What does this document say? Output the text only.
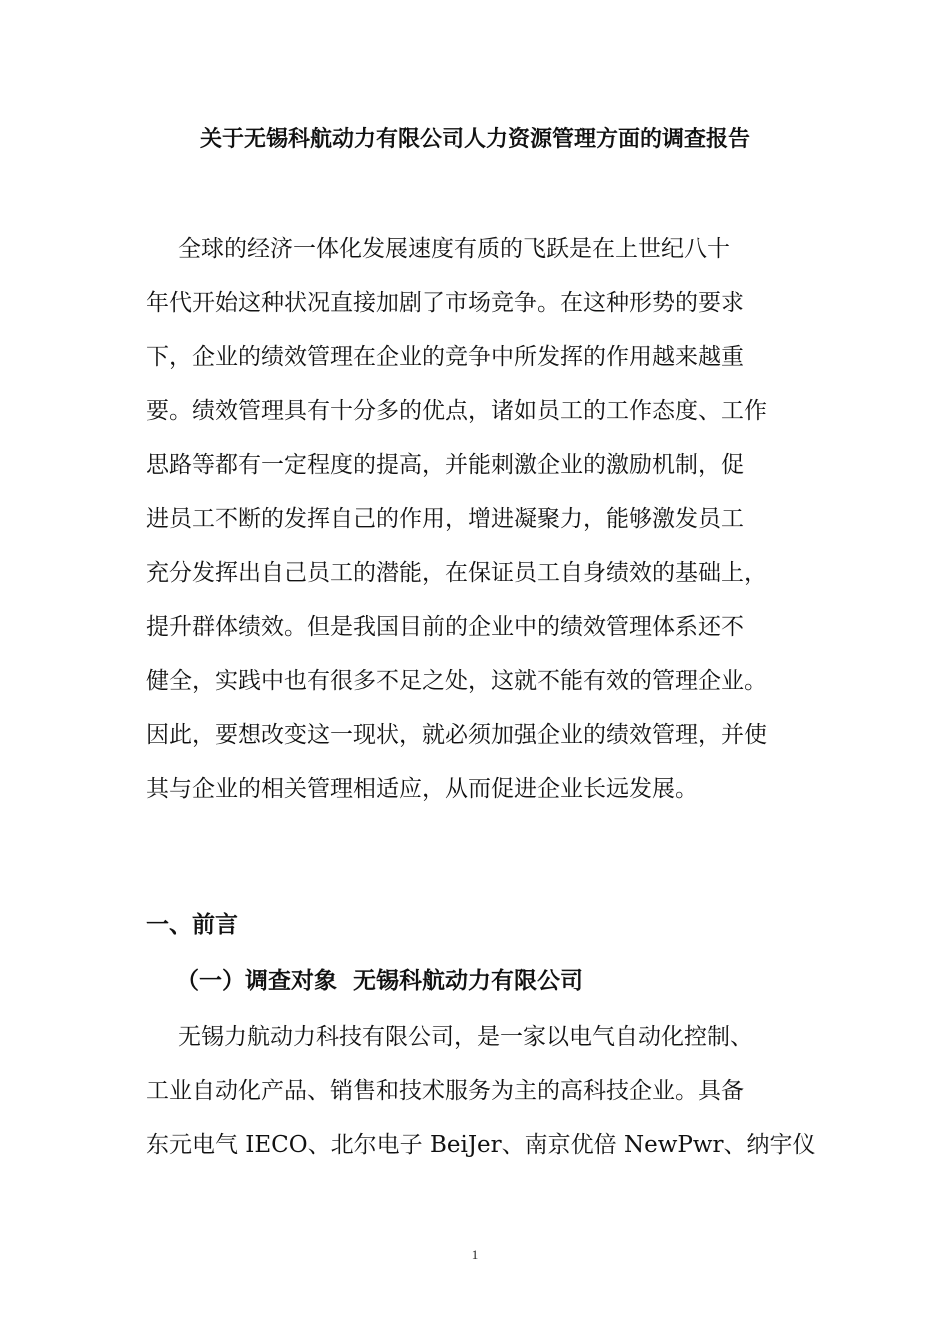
关于无锡科航动力有限公司人力资源管理方面的调查报告
全球的经济一体化发展速度有质的飞跃是在上世纪八十
年代开始这种状况直接加剧了市场竞争。在这种形势的要求
下，企业的绩效管理在企业的竞争中所发挥的作用越来越重
要。绩效管理具有十分多的优点，诸如员工的工作态度、工作
思路等都有一定程度的提高，并能刺激企业的激励机制，促
进员工不断的发挥自己的作用，增进凝聚力，能够激发员工
充分发挥出自己员工的潜能，在保证员工自身绩效的基础上，
提升群体绩效。但是我国目前的企业中的绩效管理体系还不
健全，实践中也有很多不足之处，这就不能有效的管理企业。
因此，要想改变这一现状，就必须加强企业的绩效管理，并使
其与企业的相关管理相适应，从而促进企业长远发展。
一、前言
（一）调查对象 无锡科航动力有限公司
无锡力航动力科技有限公司，是一家以电气自动化控制、
工业自动化产品、销售和技术服务为主的高科技企业。具备
东元电气 IECO、北尔电子 BeiJer、南京优倍 NewPwr、纳宇仪
1
